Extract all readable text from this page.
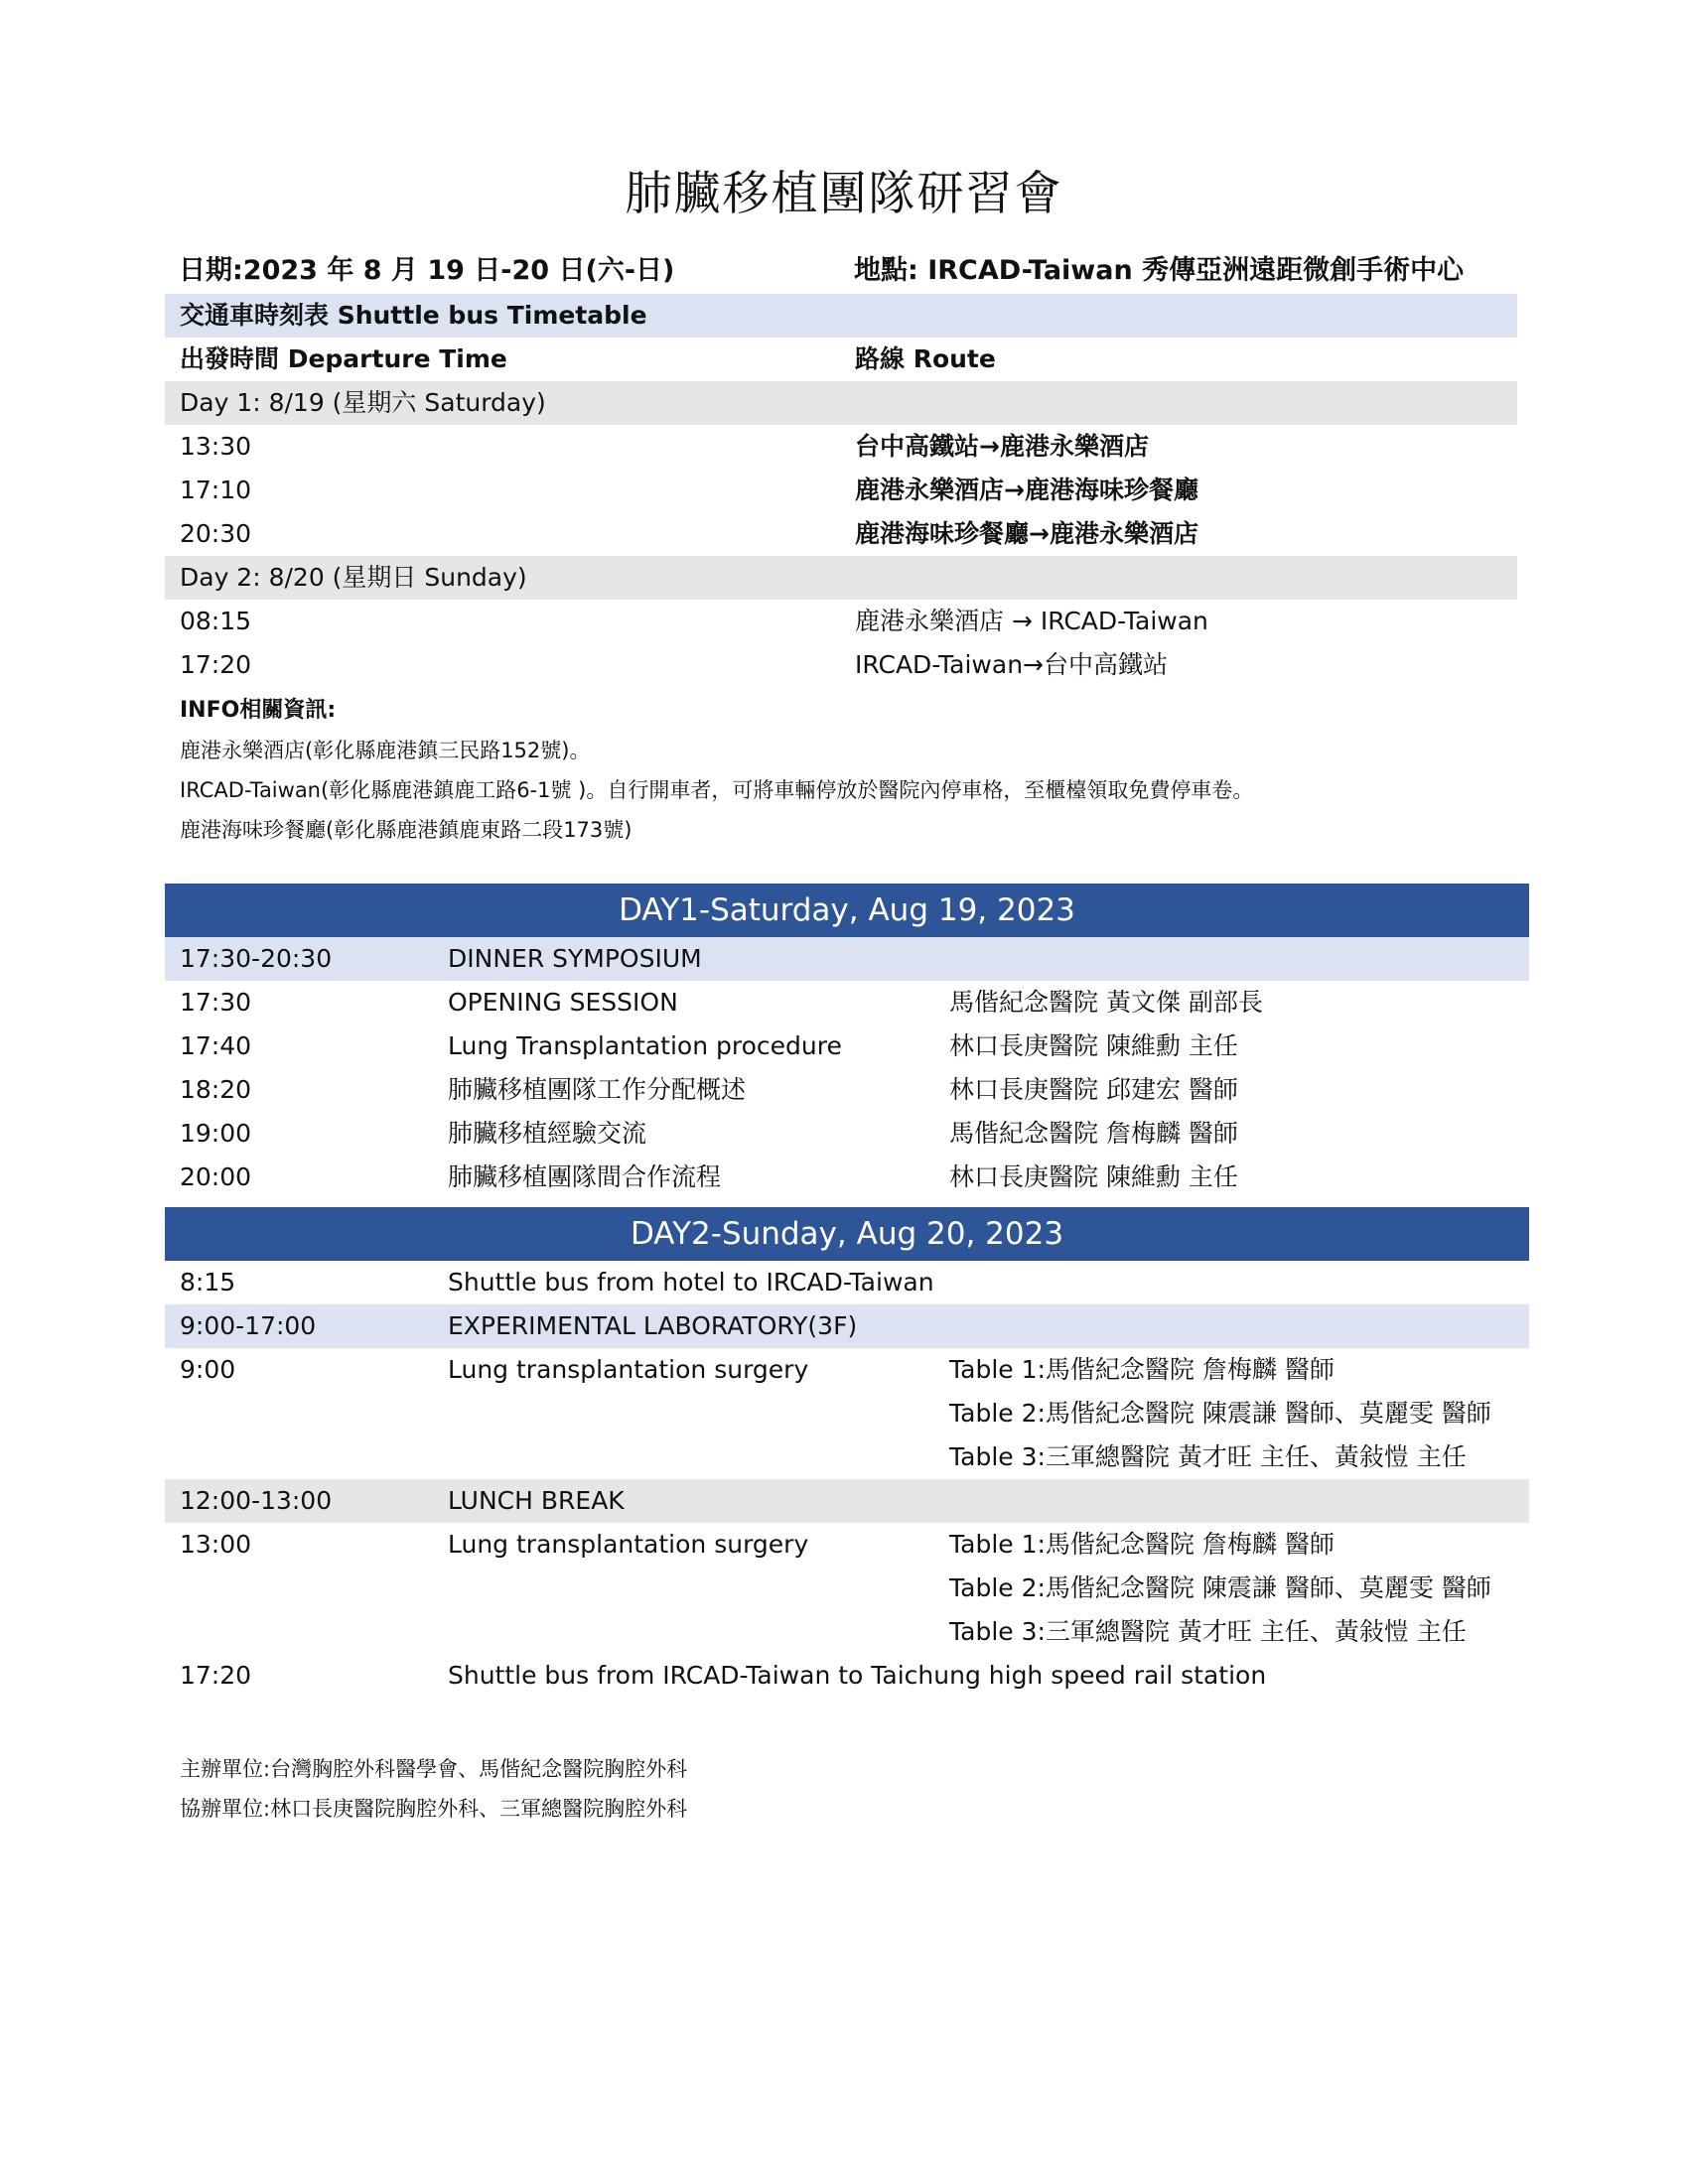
肺臟移植團隊研習會
日期:2023 年 8 月 19 日-20 日(六-日)	地點: IRCAD-Taiwan 秀傳亞洲遠距微創手術中心
交通車時刻表 Shuttle bus Timetable
出發時間 Departure Time	路線 Route
Day 1: 8/19 (星期六 Saturday)
13:30	台中高鐵站→鹿港永樂酒店
17:10	鹿港永樂酒店→鹿港海味珍餐廳
20:30	鹿港海味珍餐廳→鹿港永樂酒店
Day 2: 8/20 (星期日 Sunday)
08:15	鹿港永樂酒店 → IRCAD-Taiwan
17:20	IRCAD-Taiwan→台中高鐵站
INFO相關資訊:
鹿港永樂酒店(彰化縣鹿港鎮三民路152號)。
IRCAD-Taiwan(彰化縣鹿港鎮鹿工路6-1號 )。自行開車者，可將車輛停放於醫院內停車格，至櫃檯領取免費停車卷。
鹿港海味珍餐廳(彰化縣鹿港鎮鹿東路二段173號)
DAY1-Saturday, Aug 19, 2023
17:30-20:30	DINNER SYMPOSIUM
17:30	OPENING SESSION	馬偕紀念醫院 黃文傑 副部長
17:40	Lung Transplantation procedure	林口長庚醫院 陳維勳 主任
18:20	肺臟移植團隊工作分配概述	林口長庚醫院 邱建宏 醫師
19:00	肺臟移植經驗交流	馬偕紀念醫院 詹梅麟 醫師
20:00	肺臟移植團隊間合作流程	林口長庚醫院 陳維勳 主任
DAY2-Sunday, Aug 20, 2023
8:15	Shuttle bus from hotel to IRCAD-Taiwan
9:00-17:00	EXPERIMENTAL LABORATORY(3F)
9:00	Lung transplantation surgery	Table 1:馬偕紀念醫院 詹梅麟 醫師
Table 2:馬偕紀念醫院 陳震謙 醫師、莫麗雯 醫師
Table 3:三軍總醫院 黃才旺 主任、黃敍愷 主任
12:00-13:00	LUNCH BREAK
13:00	Lung transplantation surgery	Table 1:馬偕紀念醫院 詹梅麟 醫師
Table 2:馬偕紀念醫院 陳震謙 醫師、莫麗雯 醫師
Table 3:三軍總醫院 黃才旺 主任、黃敍愷 主任
17:20	Shuttle bus from IRCAD-Taiwan to Taichung high speed rail station
主辦單位:台灣胸腔外科醫學會、馬偕紀念醫院胸腔外科
協辦單位:林口長庚醫院胸腔外科、三軍總醫院胸腔外科
